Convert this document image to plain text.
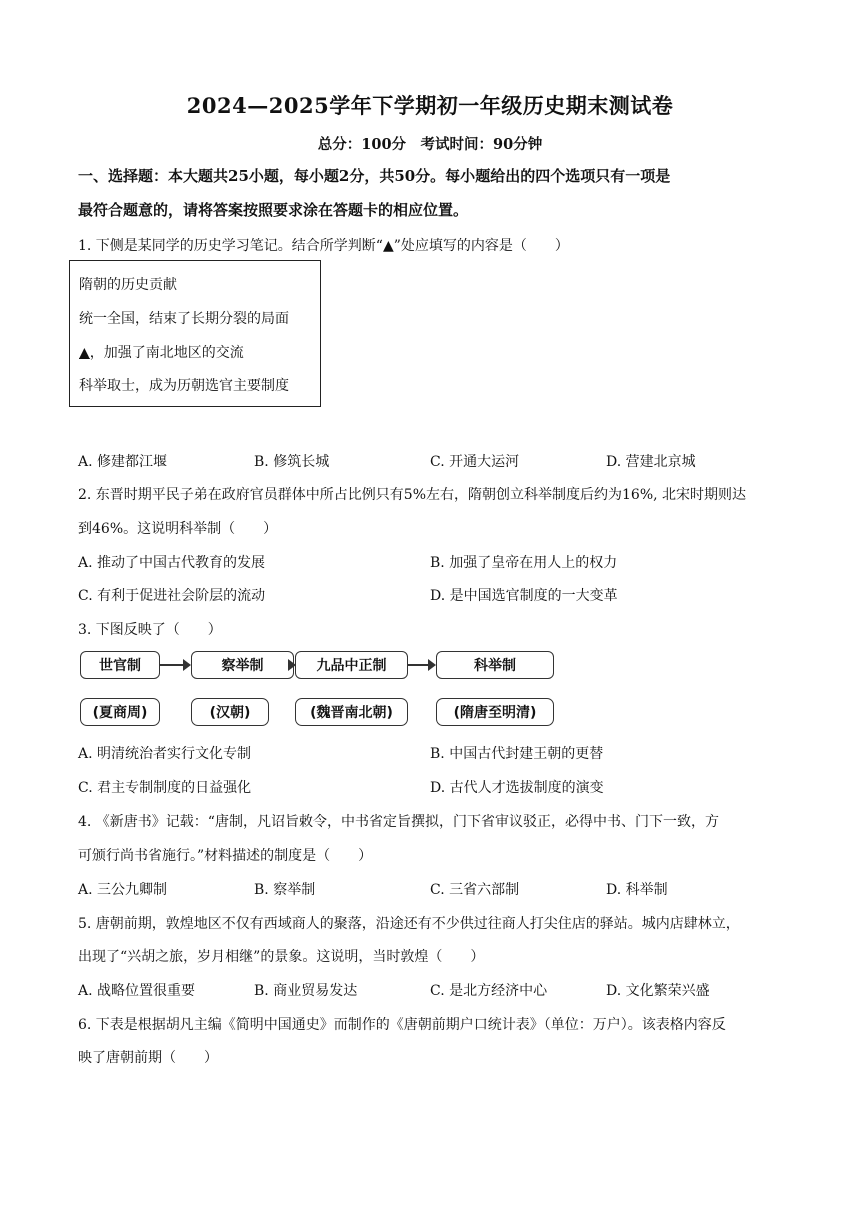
2024—2025学年下学期初一年级历史期末测试卷
总分：100分　考试时间：90分钟
一、选择题：本大题共25小题，每小题2分，共50分。每小题给出的四个选项只有一项是
最符合题意的，请将答案按照要求涂在答题卡的相应位置。
1. 下侧是某同学的历史学习笔记。结合所学判断“▲”处应填写的内容是（　　）
隋朝的历史贡献
统一全国，结束了长期分裂的局面
▲，加强了南北地区的交流
科举取士，成为历朝选官主要制度
A. 修建都江堰	B. 修筑长城	C. 开通大运河	D. 营建北京城
2. 东晋时期平民子弟在政府官员群体中所占比例只有5%左右，隋朝创立科举制度后约为16%, 北宋时期则达
到46%。这说明科举制（　　）
A. 推动了中国古代教育的发展	B. 加强了皇帝在用人上的权力
C. 有利于促进社会阶层的流动	D. 是中国选官制度的一大变革
3. 下图反映了（　　）
世官制	察举制	九品中正制	科举制
(夏商周)	(汉朝)	(魏晋南北朝)	(隋唐至明清)
A. 明清统治者实行文化专制	B. 中国古代封建王朝的更替
C. 君主专制制度的日益强化	D. 古代人才选拔制度的演变
4. 《新唐书》记载：“唐制，凡诏旨敕令，中书省定旨撰拟，门下省审议驳正，必得中书、门下一致，方
可颁行尚书省施行。”材料描述的制度是（　　）
A. 三公九卿制	B. 察举制	C. 三省六部制	D. 科举制
5. 唐朝前期，敦煌地区不仅有西域商人的聚落，沿途还有不少供过往商人打尖住店的驿站。城内店肆林立，
出现了“兴胡之旅，岁月相继”的景象。这说明，当时敦煌（　　）
A. 战略位置很重要	B. 商业贸易发达	C. 是北方经济中心	D. 文化繁荣兴盛
6. 下表是根据胡凡主编《简明中国通史》而制作的《唐朝前期户口统计表》（单位：万户）。该表格内容反
映了唐朝前期（　　）
